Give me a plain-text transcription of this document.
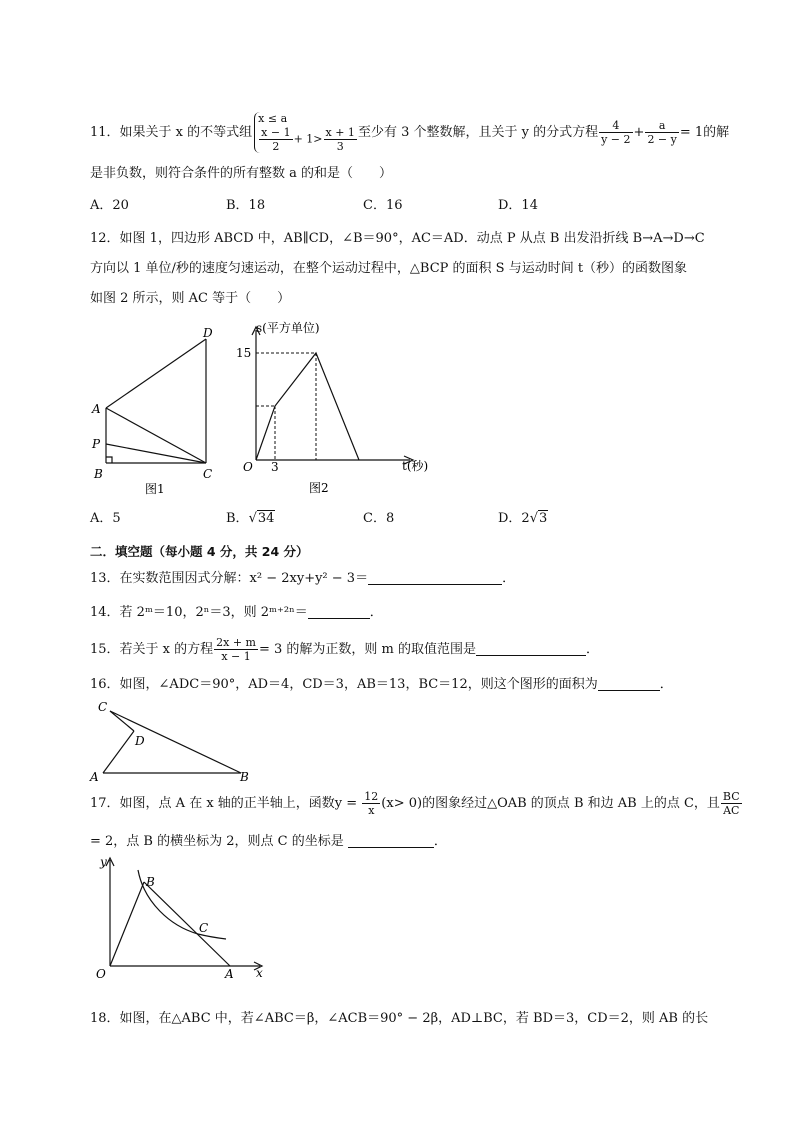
11．如果关于 x 的不等式组
x ≤ a
$\frac{x - 1}{2} + 1> \frac{x + 1}{3}$ 至少有 3 个整数解，且关于 y 的分式方程 $\frac{4}{y - 2} + \frac{a}{2 - y} = 1$的解
是非负数，则符合条件的所有整数 a 的和是（　　）
A．20	B．18	C．16	D．14
12．如图 1，四边形 ABCD 中，AB∥CD，∠B＝90°，AC＝AD．动点 P 从点 B 出发沿折线 B→A→D→C
方向以 1 单位/秒的速度匀速运动，在整个运动过程中，△BCP 的面积 S 与运动时间 t（秒）的函数图象
如图 2 所示，则 AC 等于（　　）
D
A
P
B	C
图1
s(平方单位)
15
O 3	t(秒)
图2
A．5	B．√34	C．8	D．2√3
二．填空题（每小题 4 分，共 24 分）
13．在实数范围因式分解：x² − 2xy+y² − 3＝	．
14．若 2ᵐ＝10，2ⁿ＝3，则 2ᵐ⁺²ⁿ＝	．
15．若关于 x 的方程 $\frac{2x + m}{x - 1} = 3$ 的解为正数，则 m 的取值范围是	．
16．如图，∠ADC＝90°，AD＝4，CD＝3，AB＝13，BC＝12，则这个图形的面积为	．
C
D
A	B
17．如图，点 A 在 x 轴的正半轴上，函数$y = \frac{12}{x} (x> 0)$的图象经过△OAB 的顶点 B 和边 AB 上的点 C，且 $\frac{BC}{AC}$
= 2，点 B 的横坐标为 2，则点 C 的坐标是	．
y
x
O	A
B
C
18．如图，在△ABC 中，若∠ABC＝β，∠ACB＝90° − 2β，AD⊥BC，若 BD＝3，CD＝2，则 AB 的长
